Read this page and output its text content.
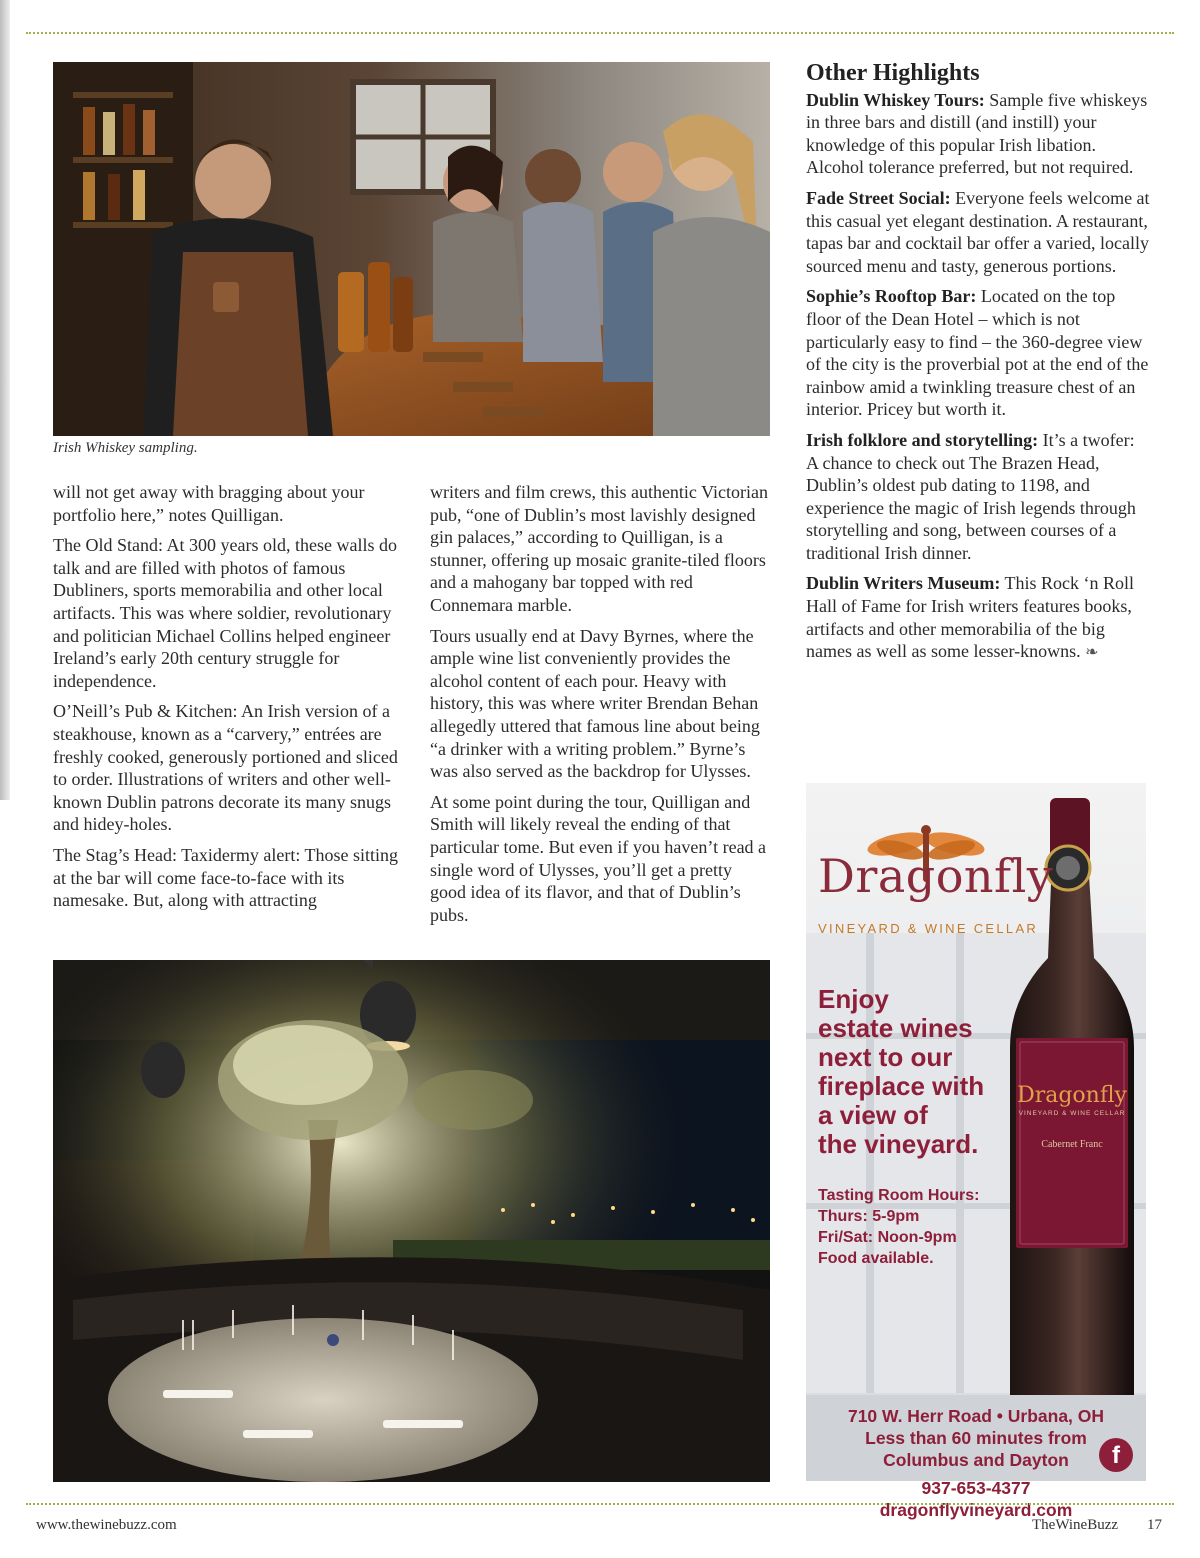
Irish Whiskey sampling.

will not get away with bragging about your portfolio here,” notes Quilligan.

The Old Stand: At 300 years old, these walls do talk and are filled with photos of famous Dubliners, sports memorabilia and other local artifacts. This was where soldier, revolutionary and politician Michael Collins helped engineer Ireland’s early 20th century struggle for independence.

O’Neill’s Pub & Kitchen: An Irish version of a steakhouse, known as a “carvery,” entrées are freshly cooked, generously portioned and sliced to order. Illustrations of writers and other well-known Dublin patrons decorate its many snugs and hidey-holes.

The Stag’s Head: Taxidermy alert: Those sitting at the bar will come face-to-face with its namesake. But, along with attracting

writers and film crews, this authentic Victorian pub, “one of Dublin’s most lavishly designed gin palaces,” according to Quilligan, is a stunner, offering up mosaic granite-tiled floors and a mahogany bar topped with red Connemara marble.

Tours usually end at Davy Byrnes, where the ample wine list conveniently provides the alcohol content of each pour. Heavy with history, this was where writer Brendan Behan allegedly uttered that famous line about being “a drinker with a writing problem.” Byrne’s was also served as the backdrop for Ulysses.

At some point during the tour, Quilligan and Smith will likely reveal the ending of that particular tome. But even if you haven’t read a single word of Ulysses, you’ll get a pretty good idea of its flavor, and that of Dublin’s pubs.

Other Highlights

Dublin Whiskey Tours: Sample five whiskeys in three bars and distill (and instill) your knowledge of this popular Irish libation. Alcohol tolerance preferred, but not required.

Fade Street Social: Everyone feels welcome at this casual yet elegant destination. A restaurant, tapas bar and cocktail bar offer a varied, locally sourced menu and tasty, generous portions.

Sophie’s Rooftop Bar: Located on the top floor of the Dean Hotel – which is not particularly easy to find – the 360-degree view of the city is the proverbial pot at the end of the rainbow amid a twinkling treasure chest of an interior. Pricey but worth it.

Irish folklore and storytelling: It’s a twofer: A chance to check out The Brazen Head, Dublin’s oldest pub dating to 1198, and experience the magic of Irish legends through storytelling and song, between courses of a traditional Irish dinner.

Dublin Writers Museum: This Rock ‘n Roll Hall of Fame for Irish writers features books, artifacts and other memorabilia of the big names as well as some lesser-knowns. ❧

Dragonfly
VINEYARD & WINE CELLAR
Cabernet Franc
Dragonfly
VINEYARD & WINE CELLAR
Enjoy
estate wines
next to our
fireplace with
a view of
the vineyard.
Tasting Room Hours:
Thurs: 5-9pm
Fri/Sat: Noon-9pm
Food available.
710 W. Herr Road • Urbana, OH
Less than 60 minutes from
Columbus and Dayton
937-653-4377
dragonflyvineyard.com
f
www.thewinebuzz.com	TheWineBuzz 17
